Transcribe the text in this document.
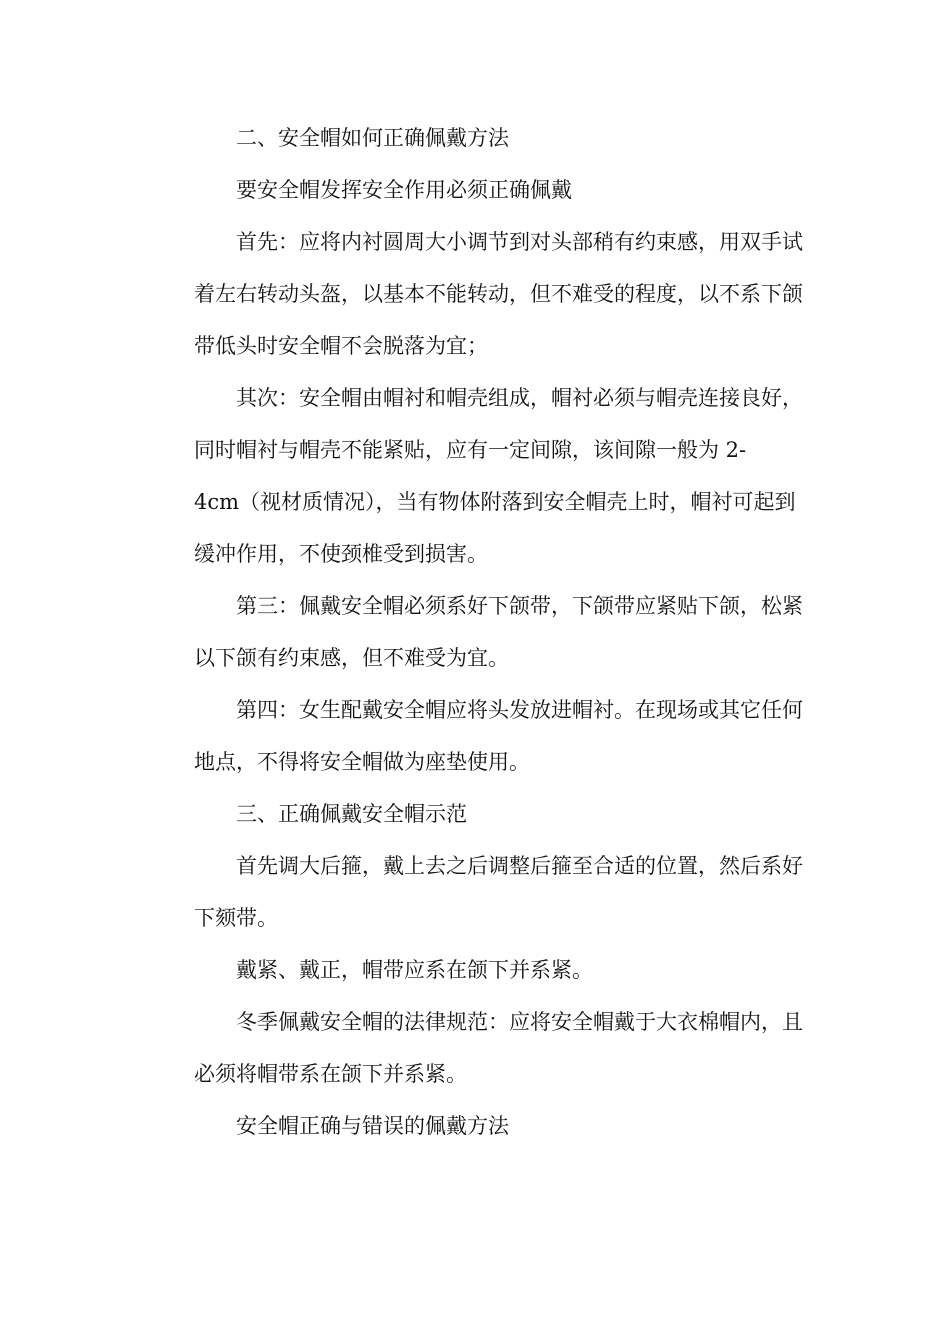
二、安全帽如何正确佩戴方法
要安全帽发挥安全作用必须正确佩戴
首先：应将内衬圆周大小调节到对头部稍有约束感，用双手试
着左右转动头盔，以基本不能转动，但不难受的程度，以不系下颌
带低头时安全帽不会脱落为宜；
其次：安全帽由帽衬和帽壳组成，帽衬必须与帽壳连接良好，
同时帽衬与帽壳不能紧贴，应有一定间隙，该间隙一般为 2-
4cm（视材质情况），当有物体附落到安全帽壳上时，帽衬可起到
缓冲作用，不使颈椎受到损害。
第三：佩戴安全帽必须系好下颌带，下颌带应紧贴下颌，松紧
以下颌有约束感，但不难受为宜。
第四：女生配戴安全帽应将头发放进帽衬。在现场或其它任何
地点，不得将安全帽做为座垫使用。
三、正确佩戴安全帽示范
首先调大后箍，戴上去之后调整后箍至合适的位置，然后系好
下颏带。
戴紧、戴正，帽带应系在颌下并系紧。
冬季佩戴安全帽的法律规范：应将安全帽戴于大衣棉帽内，且
必须将帽带系在颌下并系紧。
安全帽正确与错误的佩戴方法
